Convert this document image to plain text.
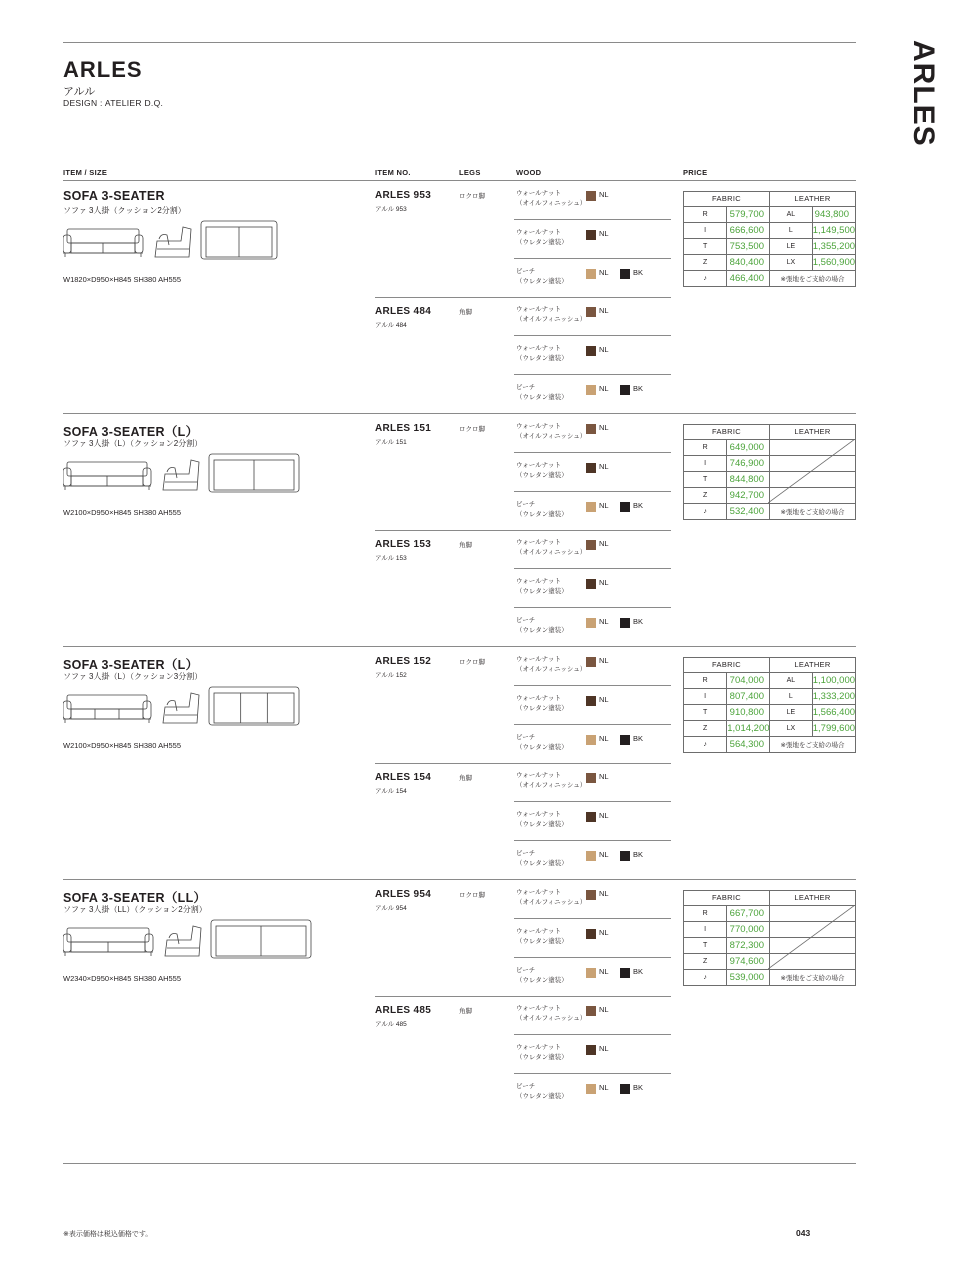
ARLES
ARLES
アルル
DESIGN : ATELIER D.Q.
ITEM / SIZE	ITEM NO.	LEGS	WOOD	PRICE
SOFA 3-SEATER
ソファ 3人掛（クッション2分割）
W1820×D950×H845 SH380 AH555
ARLES 953
アルル 953
ロクロ脚	ウォールナット
（オイルフィニッシュ）
NL
ウォールナット
（ウレタン塗装）
NL
ビーチ
（ウレタン塗装）
NL	BK
ARLES 484
アルル 484
角脚	ウォールナット
（オイルフィニッシュ）
NL
ウォールナット
（ウレタン塗装）
NL
ビーチ
（ウレタン塗装）
NL	BK
FABRIC		LEATHER	
R	579,700	AL	943,800
I	666,600	L	1,149,500
T	753,500	LE	1,355,200
Z	840,400	LX	1,560,900
♪	466,400	※張地をご支給の場合	
SOFA 3-SEATER（L）
ソファ 3人掛（L）（クッション2分割）
W2100×D950×H845 SH380 AH555
ARLES 151
アルル 151
ロクロ脚	ウォールナット
（オイルフィニッシュ）
NL
ウォールナット
（ウレタン塗装）
NL
ビーチ
（ウレタン塗装）
NL	BK
ARLES 153
アルル 153
角脚	ウォールナット
（オイルフィニッシュ）
NL
ウォールナット
（ウレタン塗装）
NL
ビーチ
（ウレタン塗装）
NL	BK
FABRIC		LEATHER
R	649,000	
I	746,900	
T	844,800	
Z	942,700	
♪	532,400	※張地をご支給の場合
SOFA 3-SEATER（L）
ソファ 3人掛（L）（クッション3分割）
W2100×D950×H845 SH380 AH555
ARLES 152
アルル 152
ロクロ脚	ウォールナット
（オイルフィニッシュ）
NL
ウォールナット
（ウレタン塗装）
NL
ビーチ
（ウレタン塗装）
NL	BK
ARLES 154
アルル 154
角脚	ウォールナット
（オイルフィニッシュ）
NL
ウォールナット
（ウレタン塗装）
NL
ビーチ
（ウレタン塗装）
NL	BK
FABRIC		LEATHER	
R	704,000	AL	1,100,000
I	807,400	L	1,333,200
T	910,800	LE	1,566,400
Z	1,014,200	LX	1,799,600
♪	564,300	※張地をご支給の場合	
SOFA 3-SEATER（LL）
ソファ 3人掛（LL）（クッション2分割）
W2340×D950×H845 SH380 AH555
ARLES 954
アルル 954
ロクロ脚	ウォールナット
（オイルフィニッシュ）
NL
ウォールナット
（ウレタン塗装）
NL
ビーチ
（ウレタン塗装）
NL	BK
ARLES 485
アルル 485
角脚	ウォールナット
（オイルフィニッシュ）
NL
ウォールナット
（ウレタン塗装）
NL
ビーチ
（ウレタン塗装）
NL	BK
FABRIC		LEATHER
R	667,700	
I	770,000	
T	872,300	
Z	974,600	
♪	539,000	※張地をご支給の場合
※表示価格は税込価格です。	043
